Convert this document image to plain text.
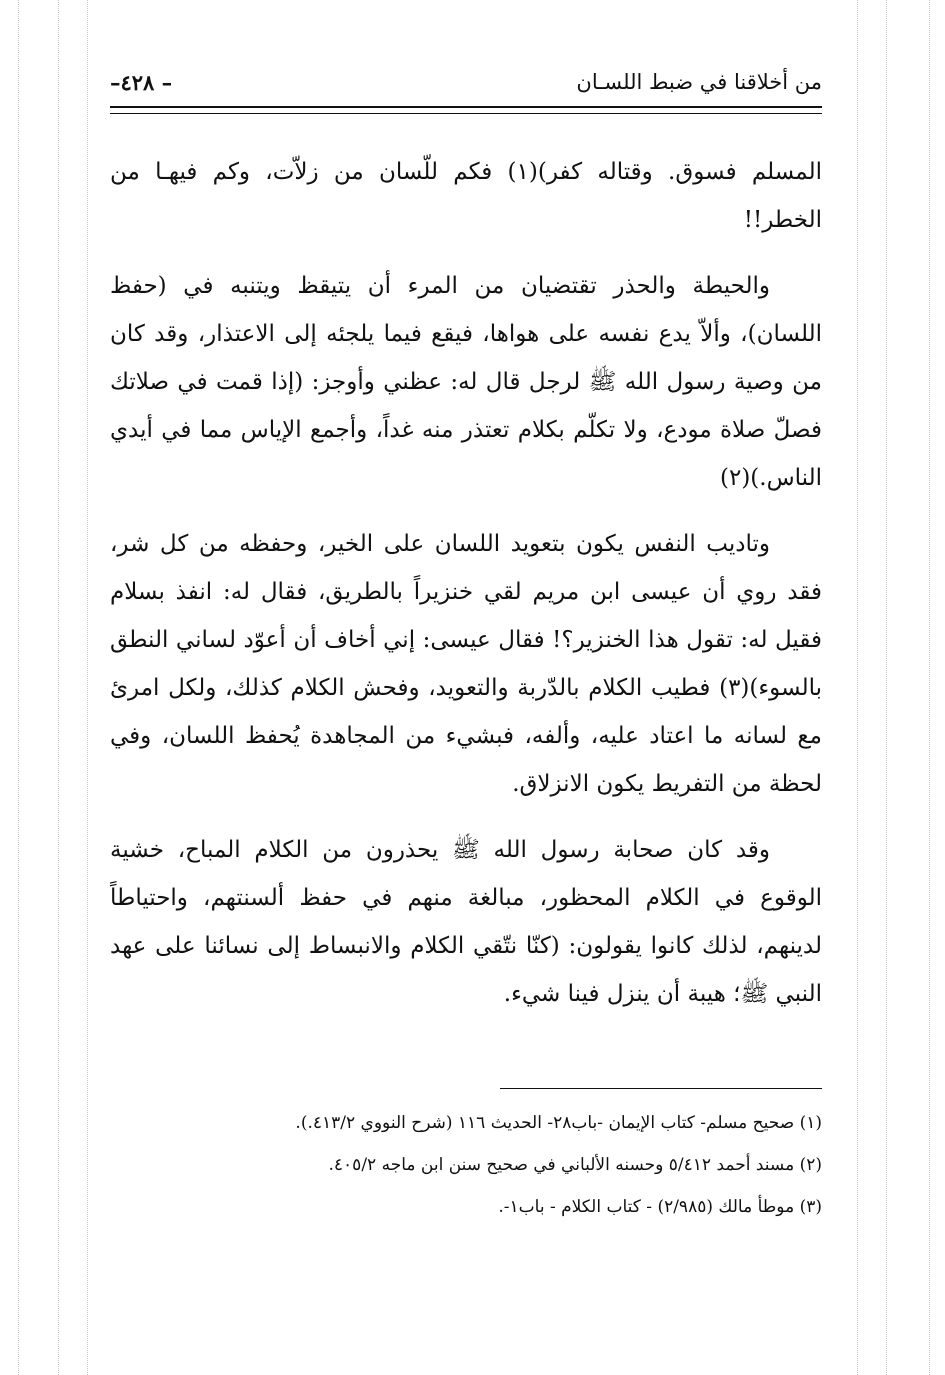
من أخلاقنا في ضبط اللسـان
– ٤٢٨–

المسلم فسوق. وقتاله كفر)(١) فكم للّسان من زلاّت، وكم فيهـا من الخطر!!

والحيطة والحذر تقتضيان من المرء أن يتيقظ ويتنبه في (حفظ اللسان)، وألاّ يدع نفسه على هواها، فيقع فيما يلجئه إلى الاعتذار، وقد كان من وصية رسول الله ﷺ لرجل قال له: عظني وأوجز: (إذا قمت في صلاتك فصلّ صلاة مودع، ولا تكلّم بكلام تعتذر منه غداً، وأجمع الإياس مما في أيدي الناس.)(٢)

وتاديب النفس يكون بتعويد اللسان على الخير، وحفظه من كل شر، فقد روي أن عيسى ابن مريم لقي خنزيراً بالطريق، فقال له: انفذ بسلام فقيل له: تقول هذا الخنزير؟! فقال عيسى: إني أخاف أن أعوّد لساني النطق بالسوء)(٣) فطيب الكلام بالدّربة والتعويد، وفحش الكلام كذلك، ولكل امرئ مع لسانه ما اعتاد عليه، وألفه، فبشيء من المجاهدة يُحفظ اللسان، وفي لحظة من التفريط يكون الانزلاق.

وقد كان صحابة رسول الله ﷺ يحذرون من الكلام المباح، خشية الوقوع في الكلام المحظور، مبالغة منهم في حفظ ألسنتهم، واحتياطاً لدينهم، لذلك كانوا يقولون: (كنّا نتّقي الكلام والانبساط إلى نسائنا على عهد النبي ﷺ؛ هيبة أن ينزل فينا شيء.

(١) صحيح مسلم- كتاب الإيمان -باب٢٨- الحديث ١١٦ (شرح النووي ٤١٣/٢.).

(٢) مسند أحمد ٥/٤١٢ وحسنه الألباني في صحيح سنن ابن ماجه ٤٠٥/٢.

(٣) موطأ مالك (٢/٩٨٥) - كتاب الكلام - باب١-.
